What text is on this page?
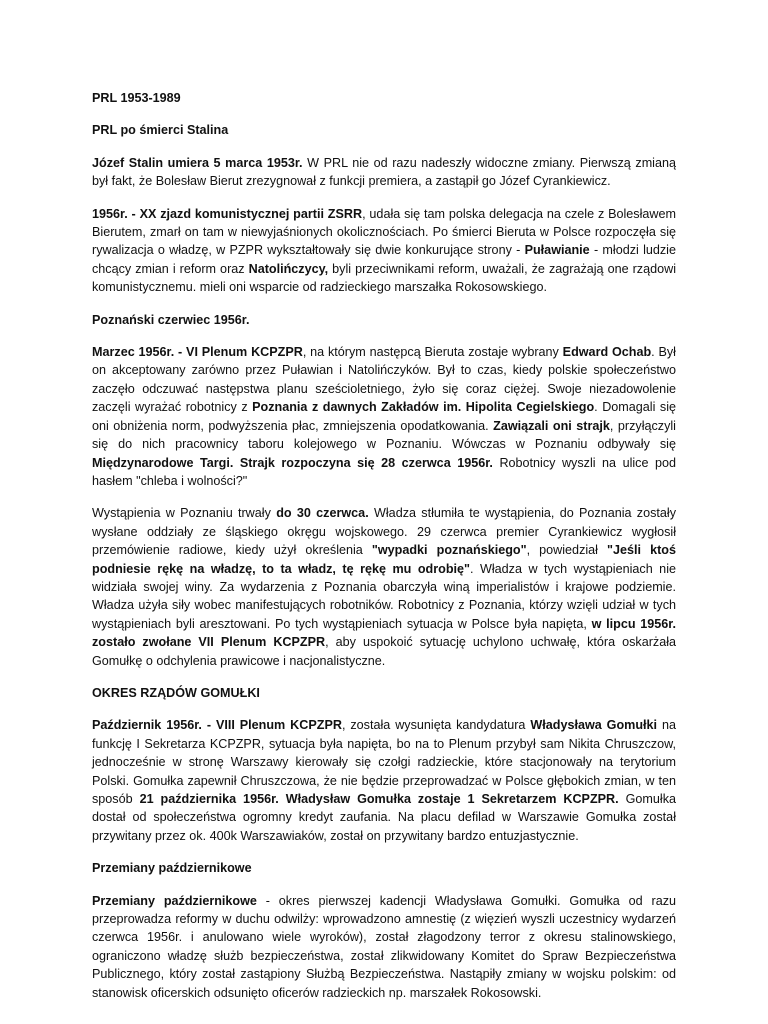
PRL 1953-1989

PRL po śmierci Stalina

Józef Stalin umiera 5 marca 1953r. W PRL nie od razu nadeszły widoczne zmiany. Pierwszą zmianą był fakt, że Bolesław Bierut zrezygnował z funkcji premiera, a zastąpił go Józef Cyrankiewicz.

1956r. - XX zjazd komunistycznej partii ZSRR, udała się tam polska delegacja na czele z Bolesławem Bierutem, zmarł on tam w niewyjaśnionych okolicznościach. Po śmierci Bieruta w Polsce rozpoczęła się rywalizacja o władzę, w PZPR wykształtowały się dwie konkurujące strony - Puławianie - młodzi ludzie chcący zmian i reform oraz Natolińczycy, byli przeciwnikami reform, uważali, że zagrażają one rządowi komunistycznemu. mieli oni wsparcie od radzieckiego marszałka Rokosowskiego.

Poznański czerwiec 1956r.

Marzec 1956r. - VI Plenum KCPZPR, na którym następcą Bieruta zostaje wybrany Edward Ochab. Był on akceptowany zarówno przez Puławian i Natolińczyków. Był to czas, kiedy polskie społeczeństwo zaczęło odczuwać następstwa planu sześcioletniego, żyło się coraz ciężej. Swoje niezadowolenie zaczęli wyrażać robotnicy z Poznania z dawnych Zakładów im. Hipolita Cegielskiego. Domagali się oni obniżenia norm, podwyższenia płac, zmniejszenia opodatkowania. Zawiązali oni strajk, przyłączyli się do nich pracownicy taboru kolejowego w Poznaniu. Wówczas w Poznaniu odbywały się Międzynarodowe Targi. Strajk rozpoczyna się 28 czerwca 1956r. Robotnicy wyszli na ulice pod hasłem "chleba i wolności?"

Wystąpienia w Poznaniu trwały do 30 czerwca. Władza stłumiła te wystąpienia, do Poznania zostały wysłane oddziały ze śląskiego okręgu wojskowego. 29 czerwca premier Cyrankiewicz wygłosił przemówienie radiowe, kiedy użył określenia "wypadki poznańskiego", powiedział "Jeśli ktoś podniesie rękę na władzę, to ta władz, tę rękę mu odrobię". Władza w tych wystąpieniach nie widziała swojej winy. Za wydarzenia z Poznania obarczyła winą imperialistów i krajowe podziemie. Władza użyła siły wobec manifestujących robotników. Robotnicy z Poznania, którzy wzięli udział w tych wystąpieniach byli aresztowani. Po tych wystąpieniach sytuacja w Polsce była napięta, w lipcu 1956r. zostało zwołane VII Plenum KCPZPR, aby uspokoić sytuację uchylono uchwałę, która oskarżała Gomułkę o odchylenia prawicowe i nacjonalistyczne.

OKRES RZĄDÓW GOMUŁKI

Październik 1956r. - VIII Plenum KCPZPR, została wysunięta kandydatura Władysława Gomułki na funkcję I Sekretarza KCPZPR, sytuacja była napięta, bo na to Plenum przybył sam Nikita Chruszczow, jednocześnie w stronę Warszawy kierowały się czołgi radzieckie, które stacjonowały na terytorium Polski. Gomułka zapewnił Chruszczowa, że nie będzie przeprowadzać w Polsce głębokich zmian, w ten sposób 21 października 1956r. Władysław Gomułka zostaje 1 Sekretarzem KCPZPR. Gomułka dostał od społeczeństwa ogromny kredyt zaufania. Na placu defilad w Warszawie Gomułka został przywitany przez ok. 400k Warszawiaków, został on przywitany bardzo entuzjastycznie.

Przemiany październikowe

Przemiany październikowe - okres pierwszej kadencji Władysława Gomułki. Gomułka od razu przeprowadza reformy w duchu odwilży: wprowadzono amnestię (z więzień wyszli uczestnicy wydarzeń czerwca 1956r. i anulowano wiele wyroków), został złagodzony terror z okresu stalinowskiego, ograniczono władzę służb bezpieczeństwa, został zlikwidowany Komitet do Spraw Bezpieczeństwa Publicznego, który został zastąpiony Służbą Bezpieczeństwa. Nastąpiły zmiany w wojsku polskim: od stanowisk oficerskich odsunięto oficerów radzieckich np. marszałek Rokosowski.
